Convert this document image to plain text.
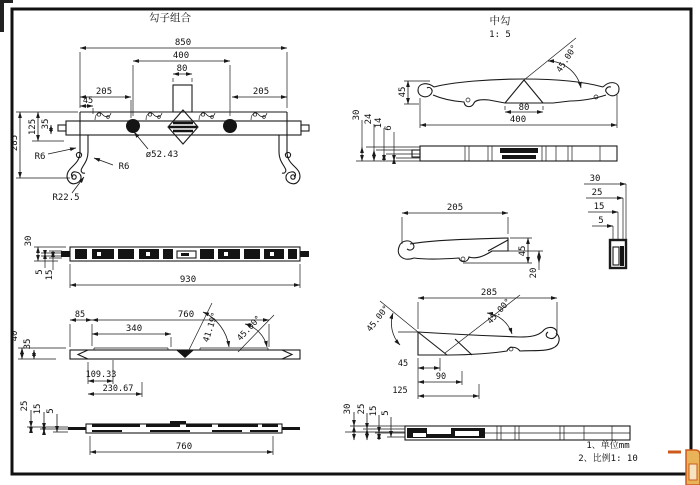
勾子组合
850
400
80
205
45
205
285
125 35
R6
R6
ø52.43
R22.5
中勾
1: 5
45.00°
45
80
400
30 24 14 6
30
5 15	930
205
45
20
30
25
15
5
85	760
340
40
35
41.19° 45.00°
109.33
230.67
25 15 5
760
285
45.00°	45.00°
45
90
125
30 25 15 5
1、单位mm
2、比例1: 10
